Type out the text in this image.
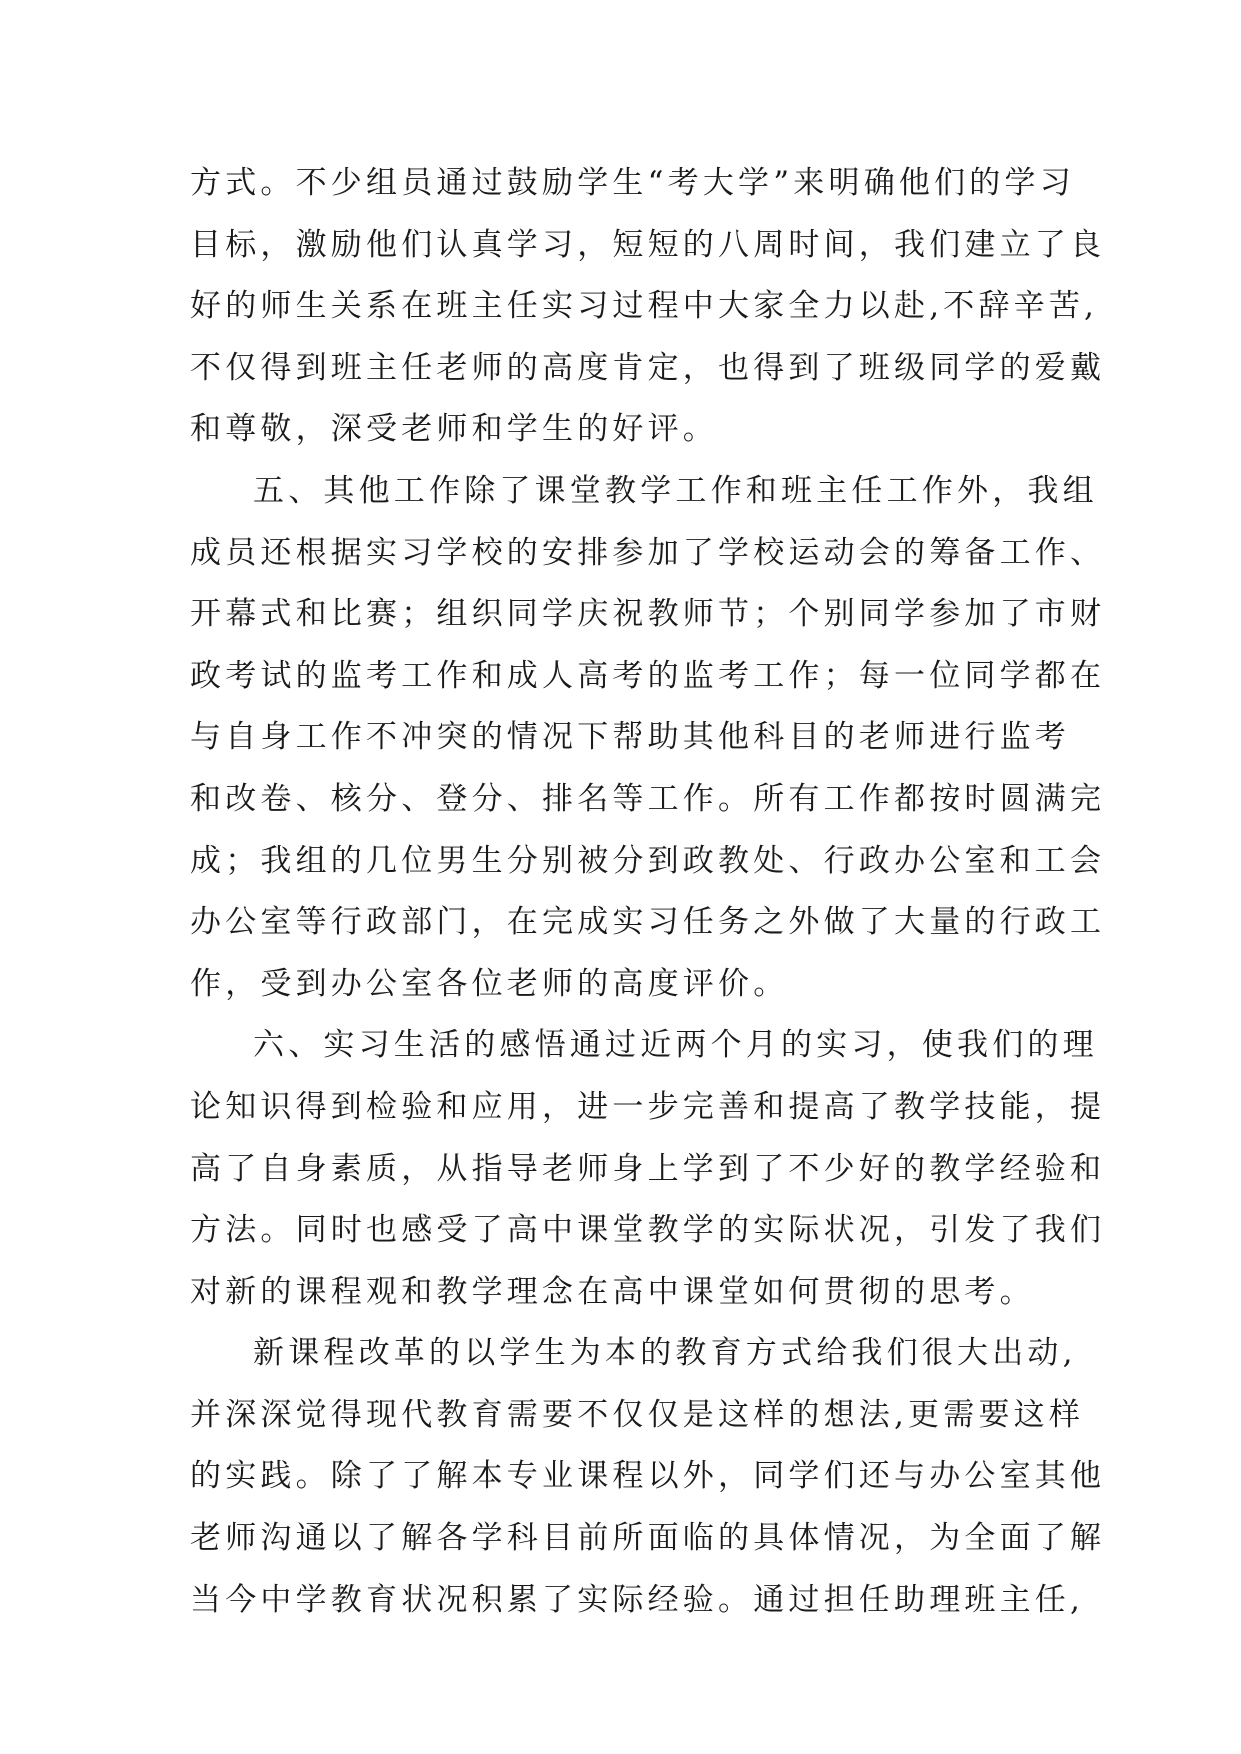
方式。不少组员通过鼓励学生“考大学”来明确他们的学习
目标，激励他们认真学习，短短的八周时间，我们建立了良
好的师生关系在班主任实习过程中大家全力以赴,不辞辛苦,
不仅得到班主任老师的高度肯定，也得到了班级同学的爱戴
和尊敬，深受老师和学生的好评。
五、其他工作除了课堂教学工作和班主任工作外，我组
成员还根据实习学校的安排参加了学校运动会的筹备工作、
开幕式和比赛；组织同学庆祝教师节；个别同学参加了市财
政考试的监考工作和成人高考的监考工作；每一位同学都在
与自身工作不冲突的情况下帮助其他科目的老师进行监考
和改卷、核分、登分、排名等工作。所有工作都按时圆满完
成；我组的几位男生分别被分到政教处、行政办公室和工会
办公室等行政部门，在完成实习任务之外做了大量的行政工
作，受到办公室各位老师的高度评价。
六、实习生活的感悟通过近两个月的实习，使我们的理
论知识得到检验和应用，进一步完善和提高了教学技能，提
高了自身素质，从指导老师身上学到了不少好的教学经验和
方法。同时也感受了高中课堂教学的实际状况，引发了我们
对新的课程观和教学理念在高中课堂如何贯彻的思考。
新课程改革的以学生为本的教育方式给我们很大出动,
并深深觉得现代教育需要不仅仅是这样的想法,更需要这样
的实践。除了了解本专业课程以外，同学们还与办公室其他
老师沟通以了解各学科目前所面临的具体情况，为全面了解
当今中学教育状况积累了实际经验。通过担任助理班主任,
